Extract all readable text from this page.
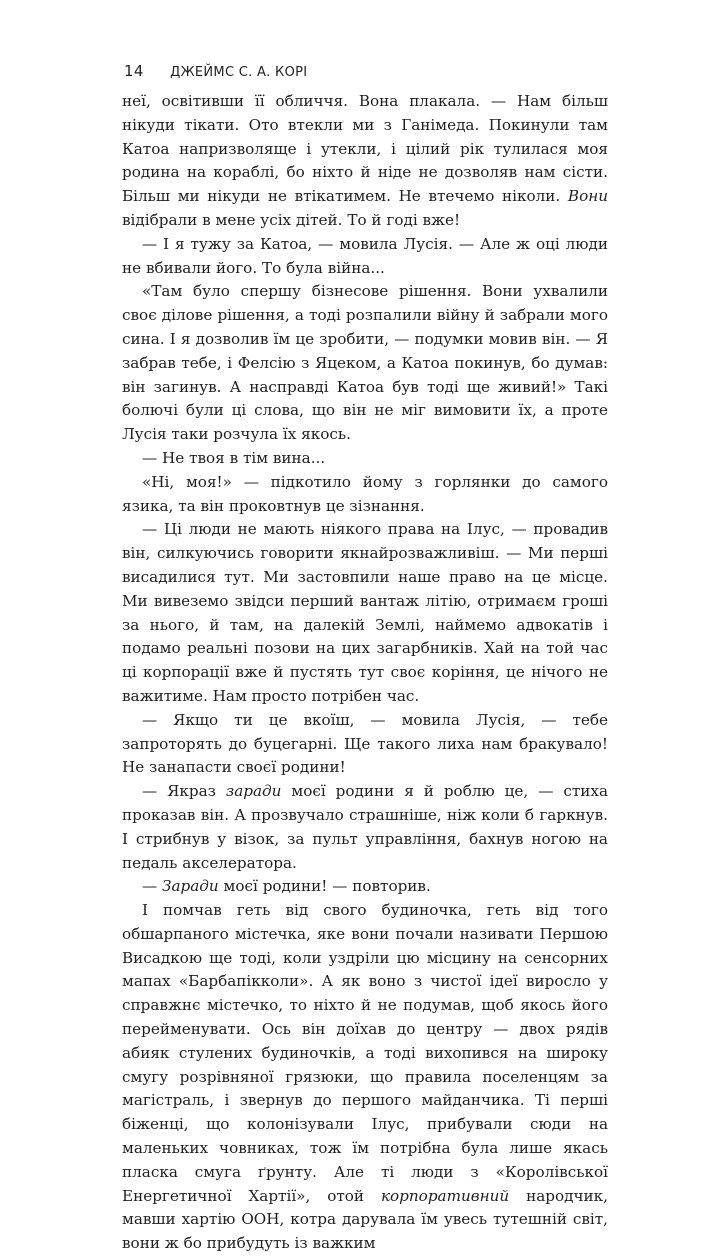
14 ДЖЕЙМС С. А. КОРІ

неї, освітивши її обличчя. Вона плакала. — Нам більш нікуди тікати. Ото втекли ми з Ганімеда. Покинули там Катоа напризволяще і утекли, і цілий рік тулилася моя родина на кораблі, бо ніхто й ніде не дозволяв нам сісти. Більш ми нікуди не втікатимем. Не втечемо ніколи. Вони відібрали в мене усіх дітей. То й годі вже!

— І я тужу за Катоа, — мовила Лусія. — Але ж оці люди не вбивали його. То була війна...

«Там було спершу бізнесове рішення. Вони ухвалили своє ділове рішення, а тоді розпалили війну й забрали мого сина. І я дозволив їм це зробити, — подумки мовив він. — Я забрав тебе, і Фелсію з Яцеком, а Катоа покинув, бо думав: він загинув. А насправді Катоа був тоді ще живий!» Такі болючі були ці слова, що він не міг вимовити їх, а проте Лусія таки розчула їх якось.

— Не твоя в тім вина...

«Ні, моя!» — підкотило йому з горлянки до самого язика, та він проковтнув це зізнання.

— Ці люди не мають ніякого права на Ілус, — провадив він, силкуючись говорити якнайрозважливіш. — Ми перші висадилися тут. Ми застовпили наше право на це місце. Ми вивеземо звідси перший вантаж літію, отримаєм гроші за нього, й там, на далекій Землі, наймемо адвокатів і подамо реальні позови на цих загарбників. Хай на той час ці корпорації вже й пустять тут своє коріння, це нічого не важитиме. Нам просто потрібен час.

— Якщо ти це вкоїш, — мовила Лусія, — тебе запроторять до буцегарні. Ще такого лиха нам бракувало! Не занапасти своєї родини!

— Якраз заради моєї родини я й роблю це, — стиха проказав він. А прозвучало страшніше, ніж коли б гаркнув. І стрибнув у візок, за пульт управління, бахнув ногою на педаль акселератора.

— Заради моєї родини! — повторив.

І помчав геть від свого будиночка, геть від того обшарпаного містечка, яке вони почали називати Першою Висадкою ще тоді, коли уздріли цю місцину на сенсорних мапах «Барбапікколи». А як воно з чистої ідеї виросло у справжнє містечко, то ніхто й не подумав, щоб якось його перейменувати. Ось він доїхав до центру — двох рядів абияк стулених будиночків, а тоді вихопився на широку смугу розрівняної грязюки, що правила поселенцям за магістраль, і звернув до першого майданчика. Ті перші біженці, що колонізували Ілус, прибували сюди на маленьких човниках, тож їм потрібна була лише якась пласка смуга ґрунту. Але ті люди з «Королівської Енергетичної Хартії», отой корпоративний народчик, мавши хартію ООН, котра дарувала їм увесь тутешній світ, вони ж бо прибудуть із важким
